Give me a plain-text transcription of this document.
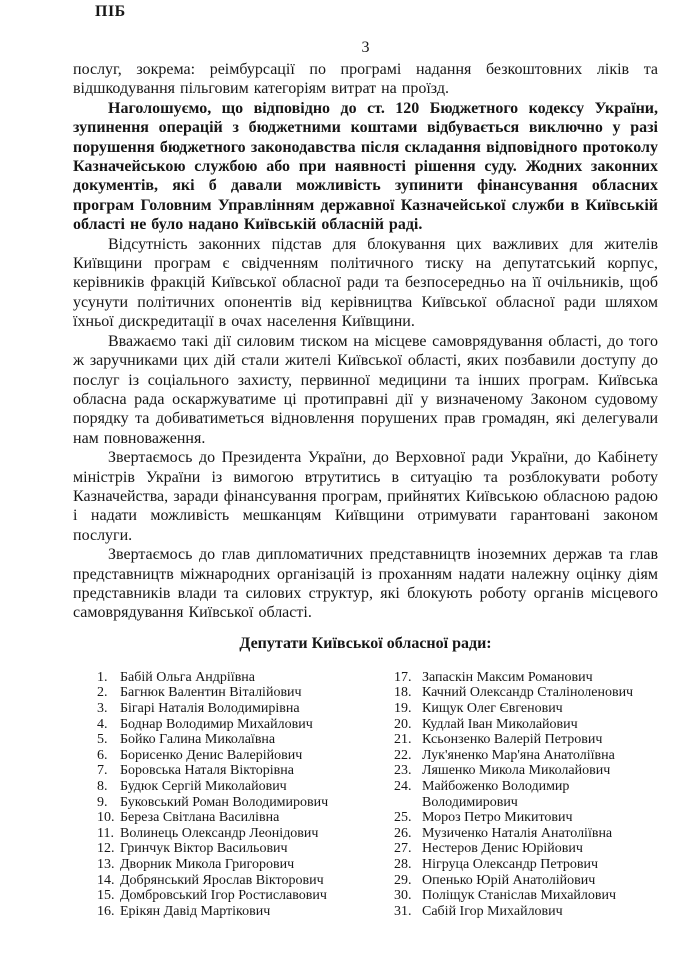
ПІБ
3

послуг, зокрема: реімбурсації по програмі надання безкоштовних ліків та відшкодування пільговим категоріям витрат на проїзд.

Наголошуємо, що відповідно до ст. 120 Бюджетного кодексу України, зупинення операцій з бюджетними коштами відбувається виключно у разі порушення бюджетного законодавства після складання відповідного протоколу Казначейською службою або при наявності рішення суду. Жодних законних документів, які б давали можливість зупинити фінансування обласних програм Головним Управлінням державної Казначейської служби в Київській області не було надано Київській обласній раді.

Відсутність законних підстав для блокування цих важливих для жителів Київщини програм є свідченням політичного тиску на депутатський корпус, керівників фракцій Київської обласної ради та безпосередньо на її очільників, щоб усунути політичних опонентів від керівництва Київської обласної ради шляхом їхньої дискредитації в очах населення Київщини.

Вважаємо такі дії силовим тиском на місцеве самоврядування області, до того ж заручниками цих дій стали жителі Київської області, яких позбавили доступу до послуг із соціального захисту, первинної медицини та інших програм. Київська обласна рада оскаржуватиме ці протиправні дії у визначеному Законом судовому порядку та добиватиметься відновлення порушених прав громадян, які делегували нам повноваження.

Звертаємось до Президента України, до Верховної ради України, до Кабінету міністрів України із вимогою втрутитись в ситуацію та розблокувати роботу Казначейства, заради фінансування програм, прийнятих Київською обласною радою і надати можливість мешканцям Київщини отримувати гарантовані законом послуги.

Звертаємось до глав дипломатичних представництв іноземних держав та глав представництв міжнародних організацій із проханням надати належну оцінку діям представників влади та силових структур, які блокують роботу органів місцевого самоврядування Київської області.

Депутати Київської обласної ради:
1. Бабій Ольга Андріївна
2. Багнюк Валентин Віталійович
3. Бігарі Наталія Володимирівна
4. Боднар Володимир Михайлович
5. Бойко Галина Миколаївна
6. Борисенко Денис Валерійович
7. Боровська Наталя Вікторівна
8. Будюк Сергій Миколайович
9. Буковський Роман Володимирович
10. Береза Світлана Василівна
11. Волинець Олександр Леонідович
12. Гринчук Віктор Васильович
13. Дворник Микола Григорович
14. Добрянський Ярослав Вікторович
15. Домбровський Ігор Ростиславович
16. Ерікян Давід Мартікович
17. Запаскін Максим Романович
18. Качний Олександр Сталіноленович
19. Кищук Олег Євгенович
20. Кудлай Іван Миколайович
21. Ксьонзенко Валерій Петрович
22. Лук'яненко Мар'яна Анатоліївна
23. Ляшенко Микола Миколайович
24. Майбоженко Володимир Володимирович
25. Мороз Петро Микитович
26. Музиченко Наталія Анатоліївна
27. Нестеров Денис Юрійович
28. Нігруца Олександр Петрович
29. Опенько Юрій Анатолійович
30. Поліщук Станіслав Михайлович
31. Сабій Ігор Михайлович
